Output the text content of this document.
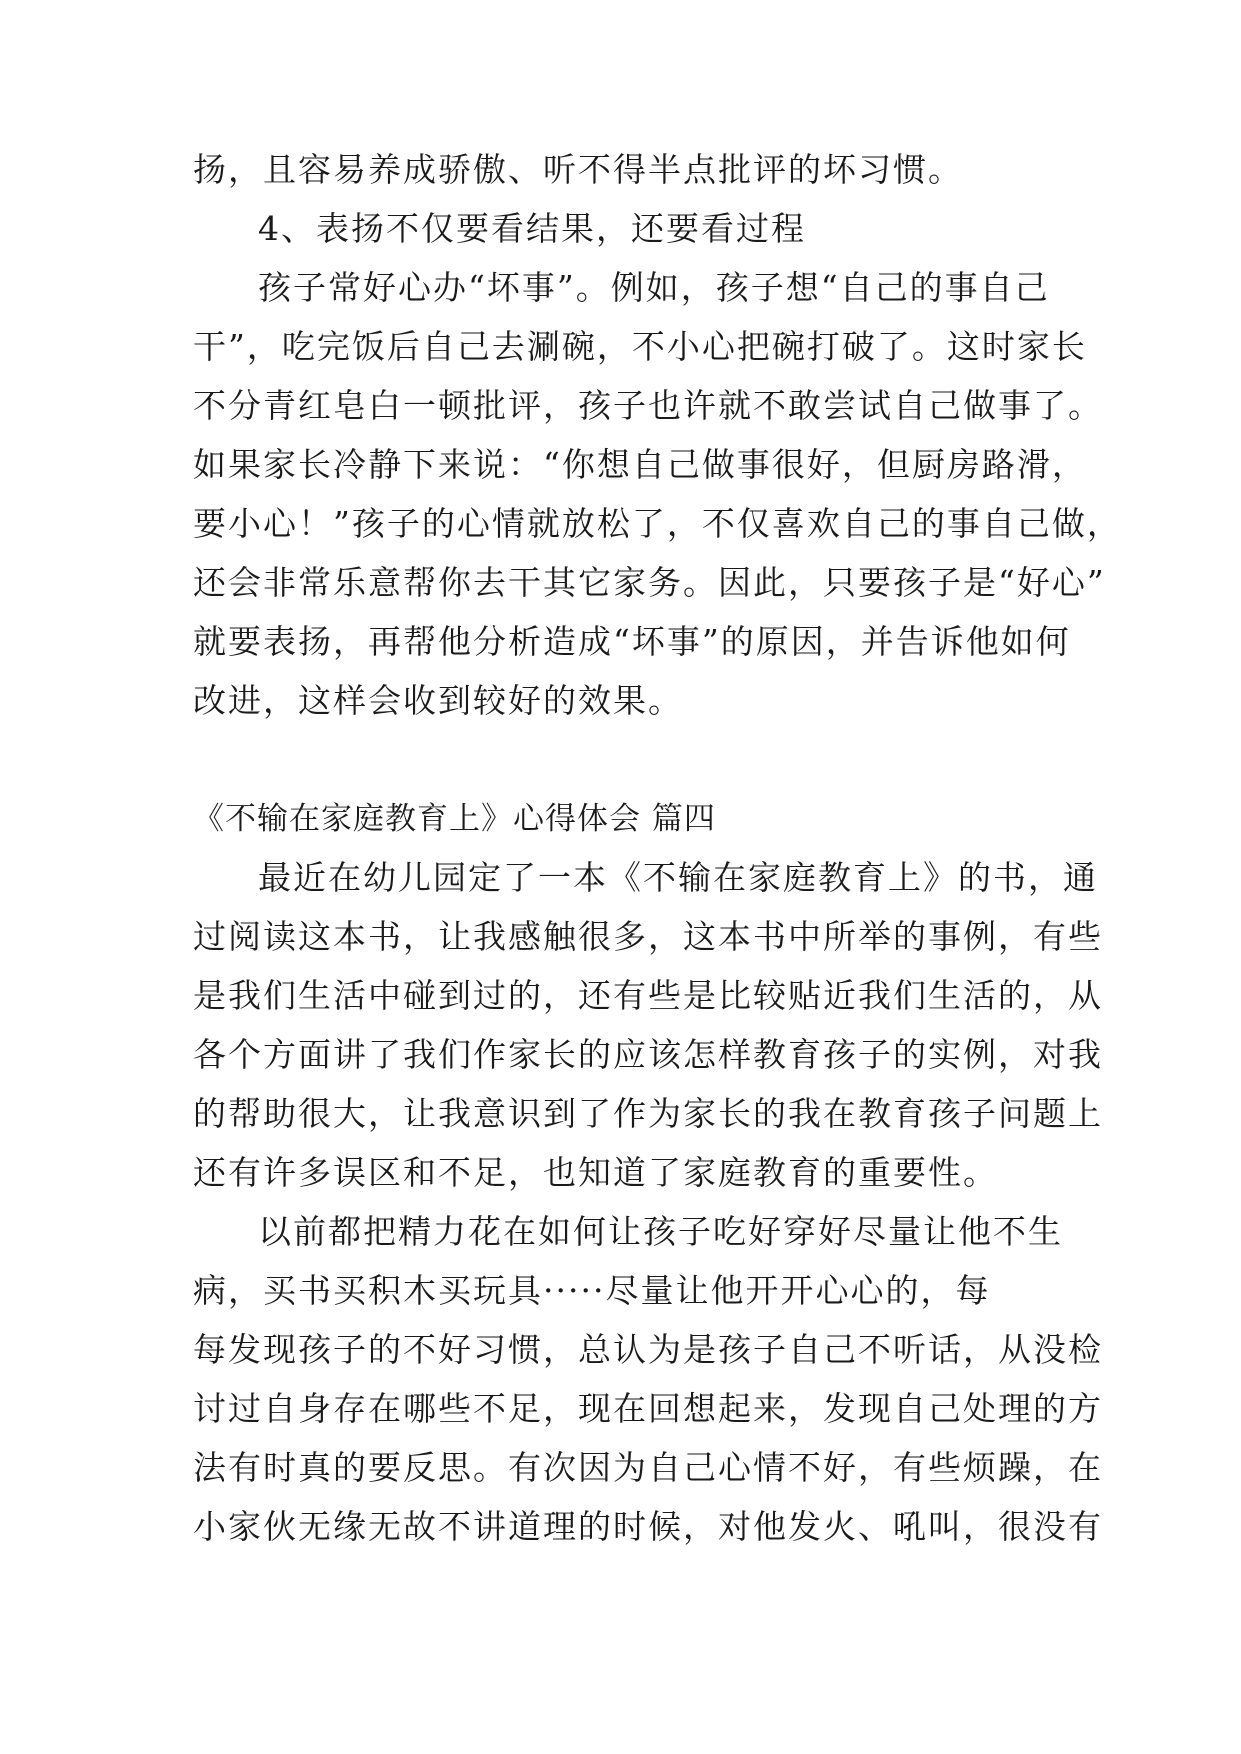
扬，且容易养成骄傲、听不得半点批评的坏习惯。
4、表扬不仅要看结果，还要看过程
孩子常好心办“坏事”。例如，孩子想“自己的事自己
干”，吃完饭后自己去涮碗，不小心把碗打破了。这时家长
不分青红皂白一顿批评，孩子也许就不敢尝试自己做事了。
如果家长冷静下来说：“你想自己做事很好，但厨房路滑，
要小心！”孩子的心情就放松了，不仅喜欢自己的事自己做，
还会非常乐意帮你去干其它家务。因此，只要孩子是“好心”
就要表扬，再帮他分析造成“坏事”的原因，并告诉他如何
改进，这样会收到较好的效果。
《不输在家庭教育上》心得体会 篇四
最近在幼儿园定了一本《不输在家庭教育上》的书，通
过阅读这本书，让我感触很多，这本书中所举的事例，有些
是我们生活中碰到过的，还有些是比较贴近我们生活的，从
各个方面讲了我们作家长的应该怎样教育孩子的实例，对我
的帮助很大，让我意识到了作为家长的我在教育孩子问题上
还有许多误区和不足，也知道了家庭教育的重要性。
以前都把精力花在如何让孩子吃好穿好尽量让他不生
病，买书买积木买玩具·····尽量让他开开心心的，每
每发现孩子的不好习惯，总认为是孩子自己不听话，从没检
讨过自身存在哪些不足，现在回想起来，发现自己处理的方
法有时真的要反思。有次因为自己心情不好，有些烦躁，在
小家伙无缘无故不讲道理的时候，对他发火、吼叫，很没有
